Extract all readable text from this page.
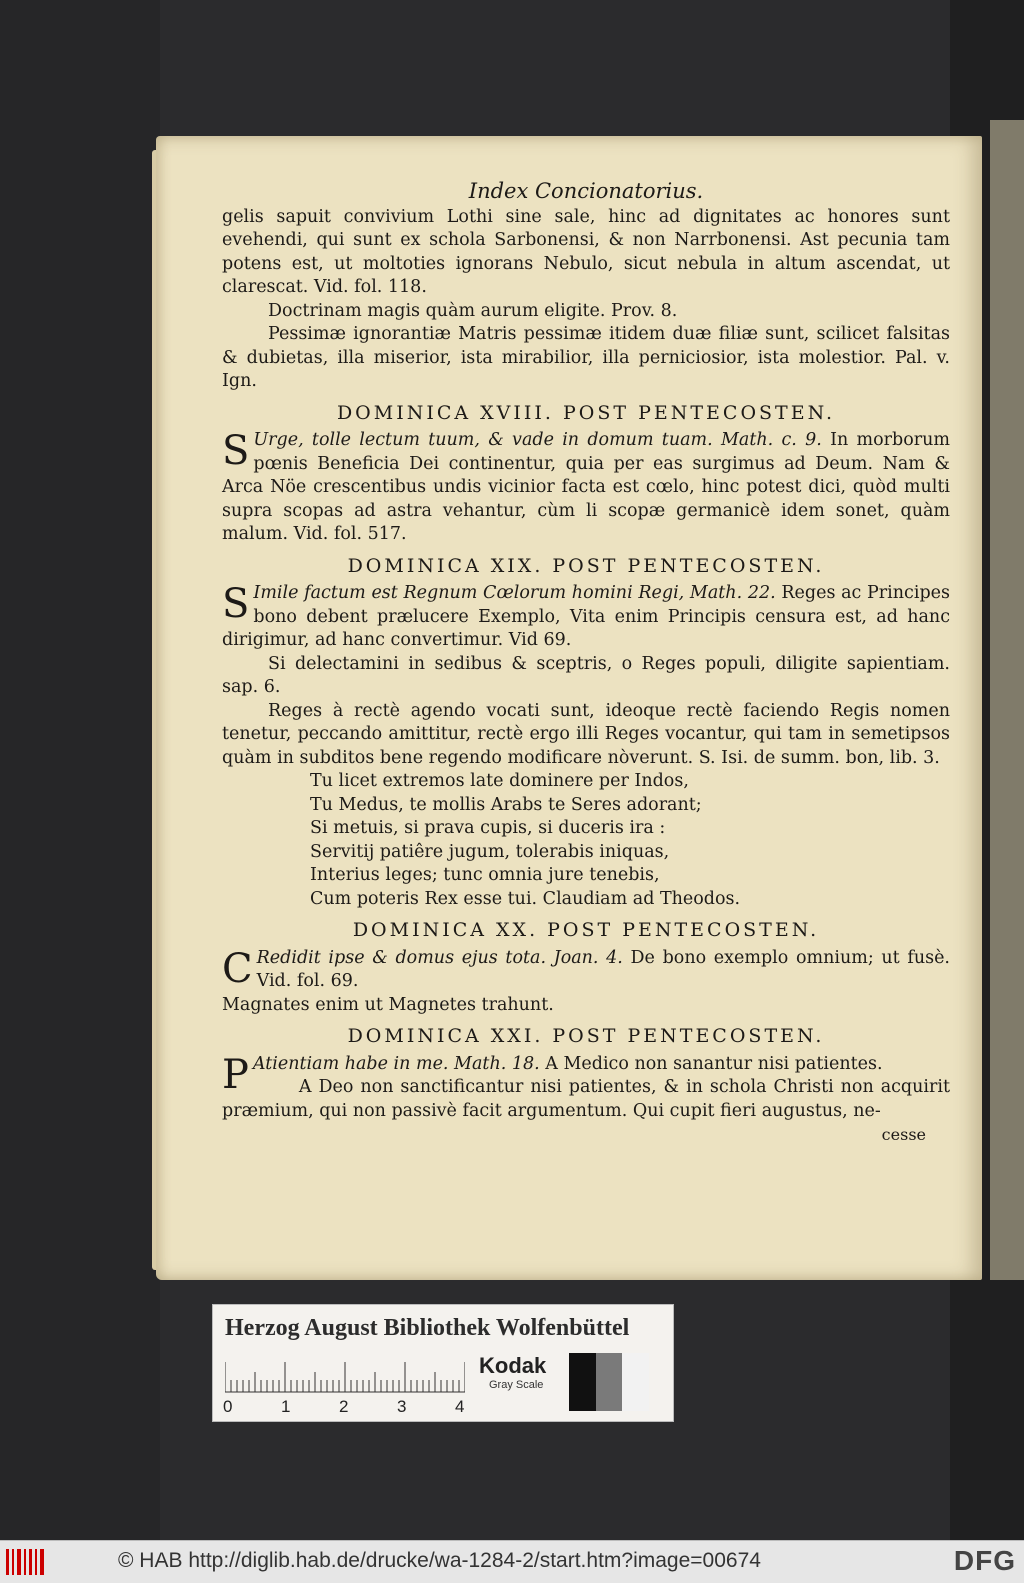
Index Concionatorius.

gelis sapuit convivium Lothi sine sale, hinc ad dignitates ac honores sunt evehendi, qui sunt ex schola Sarbonensi, & non Narrbonensi. Ast pecunia tam potens est, ut moltoties ignorans Nebulo, sicut nebula in altum ascendat, ut clarescat. Vid. fol. 118.

Doctrinam magis quàm aurum eligite. Prov. 8.

Pessimæ ignorantiæ Matris pessimæ itidem duæ filiæ sunt, scilicet falsitas & dubietas, illa miserior, ista mirabilior, illa perniciosior, ista molestior. Pal. v. Ign.

DOMINICA XVIII. POST PENTECOSTEN.

S Urge, tolle lectum tuum, & vade in domum tuam. Math. c. 9. In morborum pœnis Beneficia Dei continentur, quia per eas surgimus ad Deum. Nam & Arca Nöe crescentibus undis vicinior facta est cœlo, hinc potest dici, quòd multi supra scopas ad astra vehantur, cùm li scopæ germanicè idem sonet, quàm malum. Vid. fol. 517.

DOMINICA XIX. POST PENTECOSTEN.

S Imile factum est Regnum Cœlorum homini Regi, Math. 22. Reges ac Principes bono debent prælucere Exemplo, Vita enim Principis censura est, ad hanc dirigimur, ad hanc convertimur. Vid 69.

Si delectamini in sedibus & sceptris, o Reges populi, diligite sapientiam. sap. 6.

Reges à rectè agendo vocati sunt, ideoque rectè faciendo Regis nomen tenetur, peccando amittitur, rectè ergo illi Reges vocantur, qui tam in semetipsos quàm in subditos bene regendo modificare nòverunt. S. Isi. de summ. bon, lib. 3.

Tu licet extremos late dominere per Indos,
Tu Medus, te mollis Arabs te Seres adorant;
Si metuis, si prava cupis, si duceris ira :
Servitij patiêre jugum, tolerabis iniquas,
Interius leges; tunc omnia jure tenebis,
Cum poteris Rex esse tui. Claudiam ad Theodos.
DOMINICA XX. POST PENTECOSTEN.

C Redidit ipse & domus ejus tota. Joan. 4. De bono exemplo omnium; ut fusè. Vid. fol. 69.

Magnates enim ut Magnetes trahunt.

DOMINICA XXI. POST PENTECOSTEN.

P Atientiam habe in me. Math. 18. A Medico non sanantur nisi patientes.

A Deo non sanctificantur nisi patientes, & in schola Christi non acquirit præmium, qui non passivè facit argumentum. Qui cupit fieri augustus, ne-

cesse
Herzog August Bibliothek Wolfenbüttel
0	1	2	3	4
Kodak
Gray Scale
© HAB http://diglib.hab.de/drucke/wa-1284-2/start.htm?image=00674	DFG
